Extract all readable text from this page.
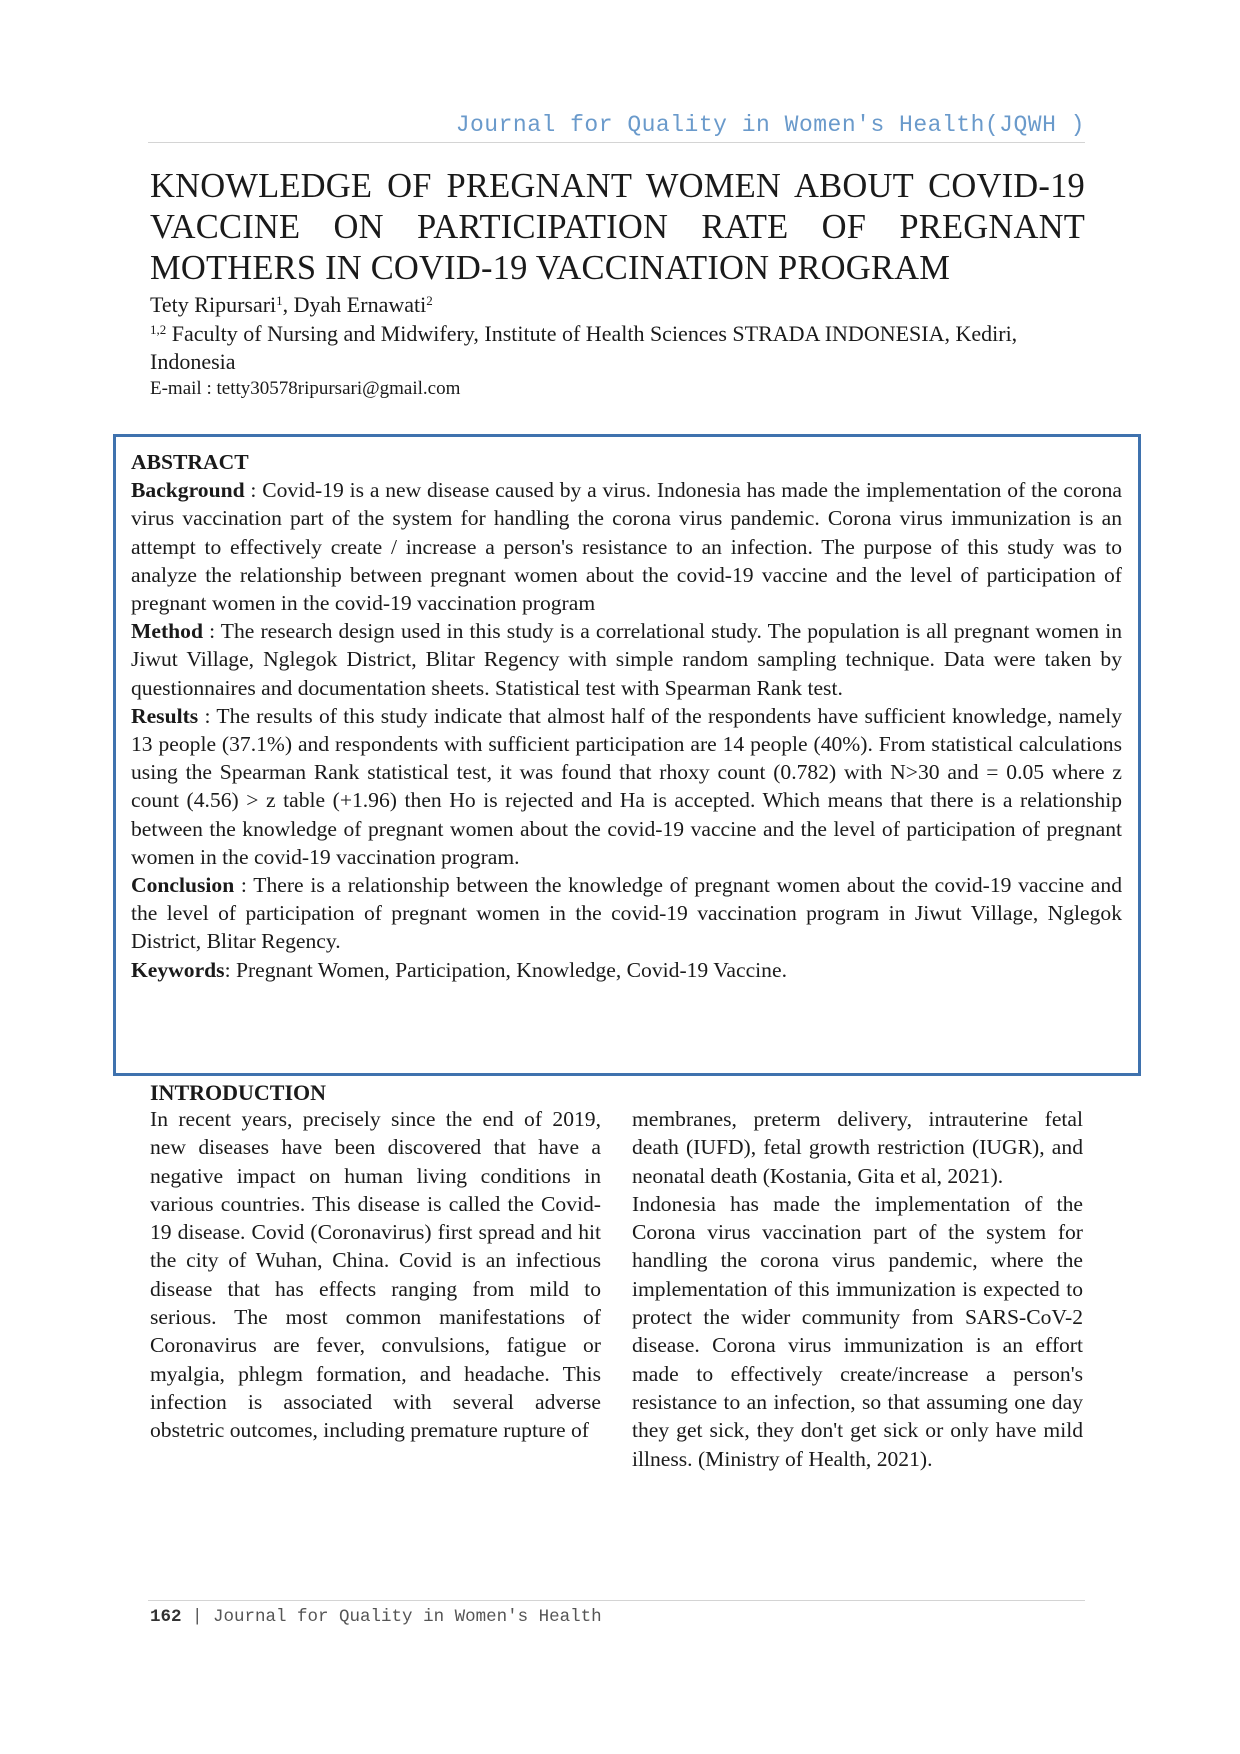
Journal for Quality in Women's Health(JQWH )
KNOWLEDGE OF PREGNANT WOMEN ABOUT COVID-19 VACCINE ON PARTICIPATION RATE OF PREGNANT MOTHERS IN COVID-19 VACCINATION PROGRAM
Tety Ripursari$^1$, Dyah Ernawati$^2$
$^{1,2}$ Faculty of Nursing and Midwifery, Institute of Health Sciences STRADA INDONESIA, Kediri, Indonesia
E-mail : tetty30578ripursari@gmail.com
ABSTRACT

Background : Covid-19 is a new disease caused by a virus. Indonesia has made the implementation of the corona virus vaccination part of the system for handling the corona virus pandemic. Corona virus immunization is an attempt to effectively create / increase a person's resistance to an infection. The purpose of this study was to analyze the relationship between pregnant women about the covid-19 vaccine and the level of participation of pregnant women in the covid-19 vaccination program

Method : The research design used in this study is a correlational study. The population is all pregnant women in Jiwut Village, Nglegok District, Blitar Regency with simple random sampling technique. Data were taken by questionnaires and documentation sheets. Statistical test with Spearman Rank test.

Results : The results of this study indicate that almost half of the respondents have sufficient knowledge, namely 13 people (37.1%) and respondents with sufficient participation are 14 people (40%). From statistical calculations using the Spearman Rank statistical test, it was found that rhoxy count (0.782) with N>30 and = 0.05 where z count (4.56) > z table (+1.96) then Ho is rejected and Ha is accepted. Which means that there is a relationship between the knowledge of pregnant women about the covid-19 vaccine and the level of participation of pregnant women in the covid-19 vaccination program.

Conclusion : There is a relationship between the knowledge of pregnant women about the covid-19 vaccine and the level of participation of pregnant women in the covid-19 vaccination program in Jiwut Village, Nglegok District, Blitar Regency.

Keywords: Pregnant Women, Participation, Knowledge, Covid-19 Vaccine.

INTRODUCTION

In recent years, precisely since the end of 2019, new diseases have been discovered that have a negative impact on human living conditions in various countries. This disease is called the Covid-19 disease. Covid (Coronavirus) first spread and hit the city of Wuhan, China. Covid is an infectious disease that has effects ranging from mild to serious. The most common manifestations of Coronavirus are fever, convulsions, fatigue or myalgia, phlegm formation, and headache. This infection is associated with several adverse obstetric outcomes, including premature rupture of

membranes, preterm delivery, intrauterine fetal death (IUFD), fetal growth restriction (IUGR), and neonatal death (Kostania, Gita et al, 2021).

Indonesia has made the implementation of the Corona virus vaccination part of the system for handling the corona virus pandemic, where the implementation of this immunization is expected to protect the wider community from SARS-CoV-2 disease. Corona virus immunization is an effort made to effectively create/increase a person's resistance to an infection, so that assuming one day they get sick, they don't get sick or only have mild illness. (Ministry of Health, 2021).

162 | Journal for Quality in Women's Health
